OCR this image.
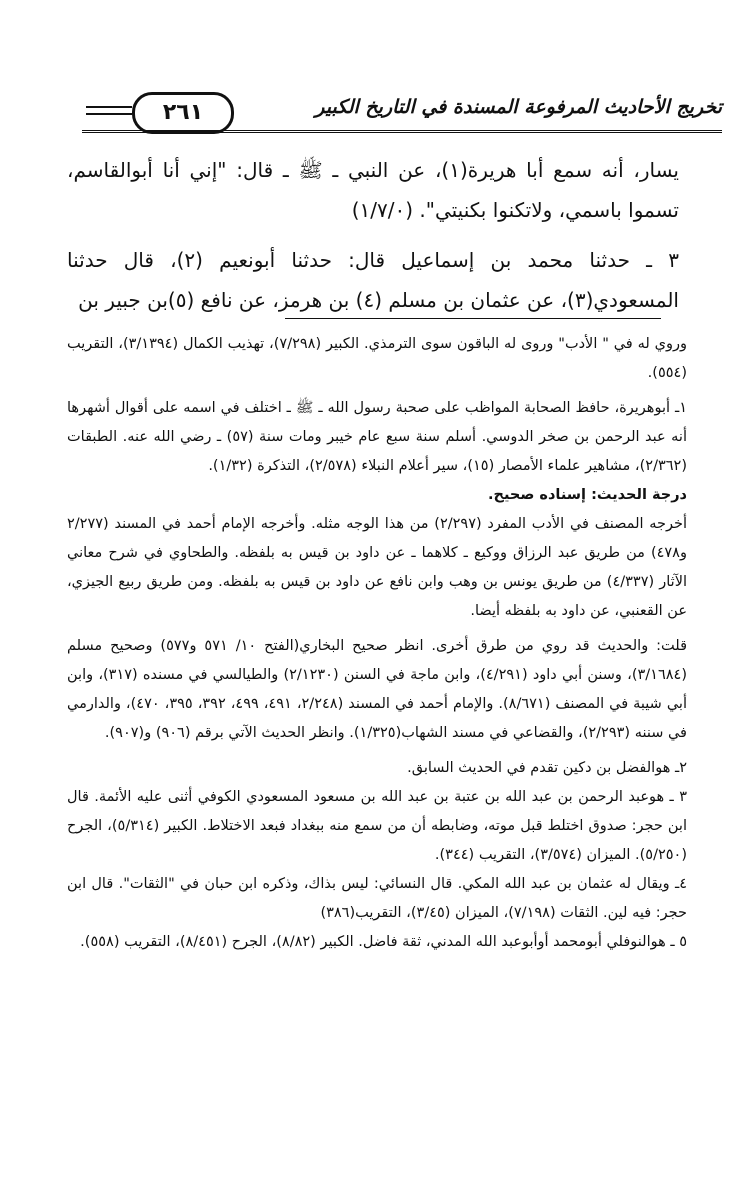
تخريج الأحاديث المرفوعة المسندة في التاريخ الكبير
٢٦١

يسار، أنه سمع أبا هريرة(١)، عن النبي ـ ﷺ ـ قال: "إني أنا أبوالقاسم، تسموا باسمي، ولاتكنوا بكنيتي". (١/٧/٠)

٣ ـ حدثنا محمد بن إسماعيل قال: حدثنا أبونعيم (٢)، قال حدثنا المسعودي(٣)، عن عثمان بن مسلم (٤) بن هرمز، عن نافع (٥)بن جبير بن

وروي له في " الأدب" وروى له الباقون سوى الترمذي. الكبير (٧/٢٩٨)، تهذيب الكمال (٣/١٣٩٤)، التقريب (٥٥٤).

١ـ أبوهريرة، حافظ الصحابة المواظب على صحبة رسول الله ـ ﷺ ـ اختلف في اسمه على أقوال أشهرها أنه عبد الرحمن بن صخر الدوسي. أسلم سنة سبع عام خيبر ومات سنة (٥٧) ـ رضي الله عنه. الطبقات (٢/٣٦٢)، مشاهير علماء الأمصار (١٥)، سير أعلام النبلاء (٢/٥٧٨)، التذكرة (١/٣٢).

درجة الحديث: إسناده صحيح.

أخرجه المصنف في الأدب المفرد (٢/٢٩٧) من هذا الوجه مثله. وأخرجه الإمام أحمد في المسند (٢/٢٧٧ و٤٧٨) من طريق عبد الرزاق ووكيع ـ كلاهما ـ عن داود بن قيس به بلفظه. والطحاوي في شرح معاني الآثار (٤/٣٣٧) من طريق يونس بن وهب وابن نافع عن داود بن قيس به بلفظه. ومن طريق ربيع الجيزي، عن القعنبي، عن داود به بلفظه أيضا.

قلت: والحديث قد روي من طرق أخرى. انظر صحيح البخاري(الفتح ١٠/ ٥٧١ و٥٧٧) وصحيح مسلم (٣/١٦٨٤)، وسنن أبي داود (٤/٢٩١)، وابن ماجة في السنن (٢/١٢٣٠) والطيالسي في مسنده (٣١٧)، وابن أبي شيبة في المصنف (٨/٦٧١). والإمام أحمد في المسند (٢/٢٤٨، ٤٩١، ٤٩٩، ٣٩٢، ٣٩٥، ٤٧٠)، والدارمي في سننه (٢/٢٩٣)، والقضاعي في مسند الشهاب(١/٣٢٥). وانظر الحديث الآتي برقم (٩٠٦) و(٩٠٧).

٢ـ هوالفضل بن دكين تقدم في الحديث السابق.

٣ ـ هوعبد الرحمن بن عبد الله بن عتبة بن عبد الله بن مسعود المسعودي الكوفي أثنى عليه الأئمة. قال ابن حجر: صدوق اختلط قبل موته، وضابطه أن من سمع منه ببغداد فبعد الاختلاط. الكبير (٥/٣١٤)، الجرح (٥/٢٥٠). الميزان (٣/٥٧٤)، التقريب (٣٤٤).

٤ـ ويقال له عثمان بن عبد الله المكي. قال النسائي: ليس بذاك، وذكره ابن حبان في "الثقات". قال ابن حجر: فيه لين. الثقات (٧/١٩٨)، الميزان (٣/٤٥)، التقريب(٣٨٦)

٥ ـ هوالنوفلي أبومحمد أوأبوعبد الله المدني، ثقة فاضل. الكبير (٨/٨٢)، الجرح (٨/٤٥١)، التقريب (٥٥٨).
